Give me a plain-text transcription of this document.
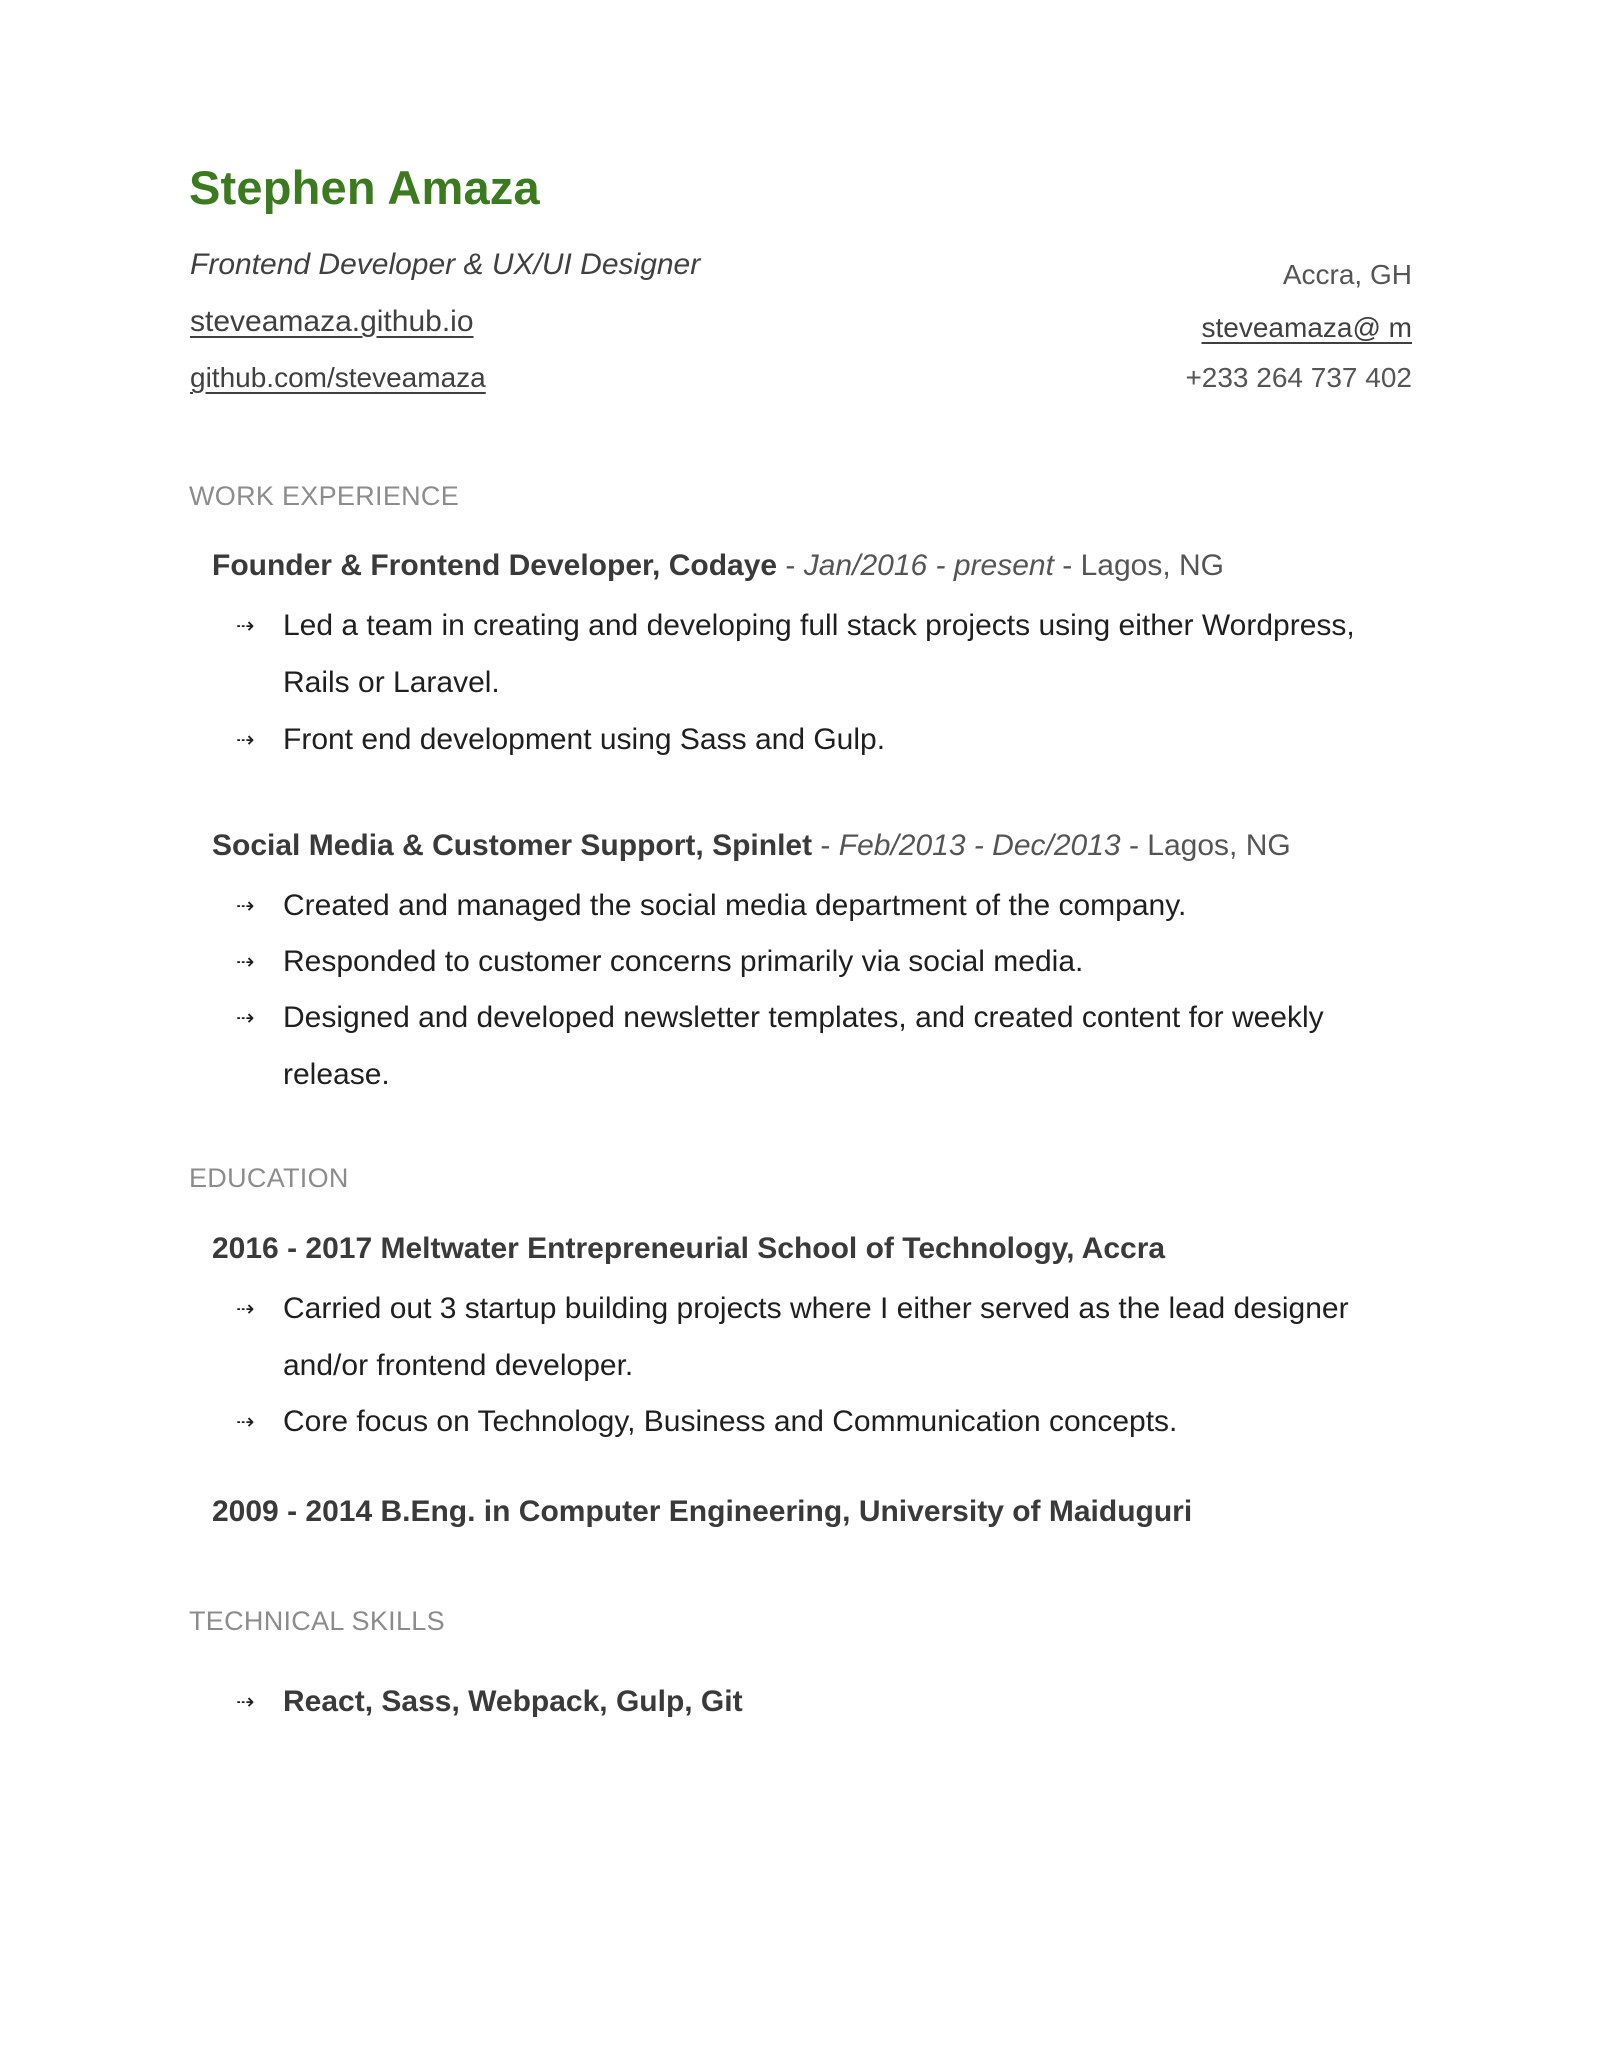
Stephen Amaza
Frontend Developer & UX/UI Designer
steveamaza.github.io
github.com/steveamaza
Accra, GH
steveamaza@ m
+233 264 737 402
WORK EXPERIENCE
Founder & Frontend Developer, Codaye - Jan/2016 - present - Lagos, NG
⇢ Led a team in creating and developing full stack projects using either Wordpress, Rails or Laravel.
⇢ Front end development using Sass and Gulp.
Social Media & Customer Support, Spinlet - Feb/2013 - Dec/2013 - Lagos, NG
⇢ Created and managed the social media department of the company.
⇢ Responded to customer concerns primarily via social media.
⇢ Designed and developed newsletter templates, and created content for weekly release.
EDUCATION
2016 - 2017 Meltwater Entrepreneurial School of Technology, Accra
⇢ Carried out 3 startup building projects where I either served as the lead designer and/or frontend developer.
⇢ Core focus on Technology, Business and Communication concepts.
2009 - 2014 B.Eng. in Computer Engineering, University of Maiduguri
TECHNICAL SKILLS
⇢ React, Sass, Webpack, Gulp, Git
